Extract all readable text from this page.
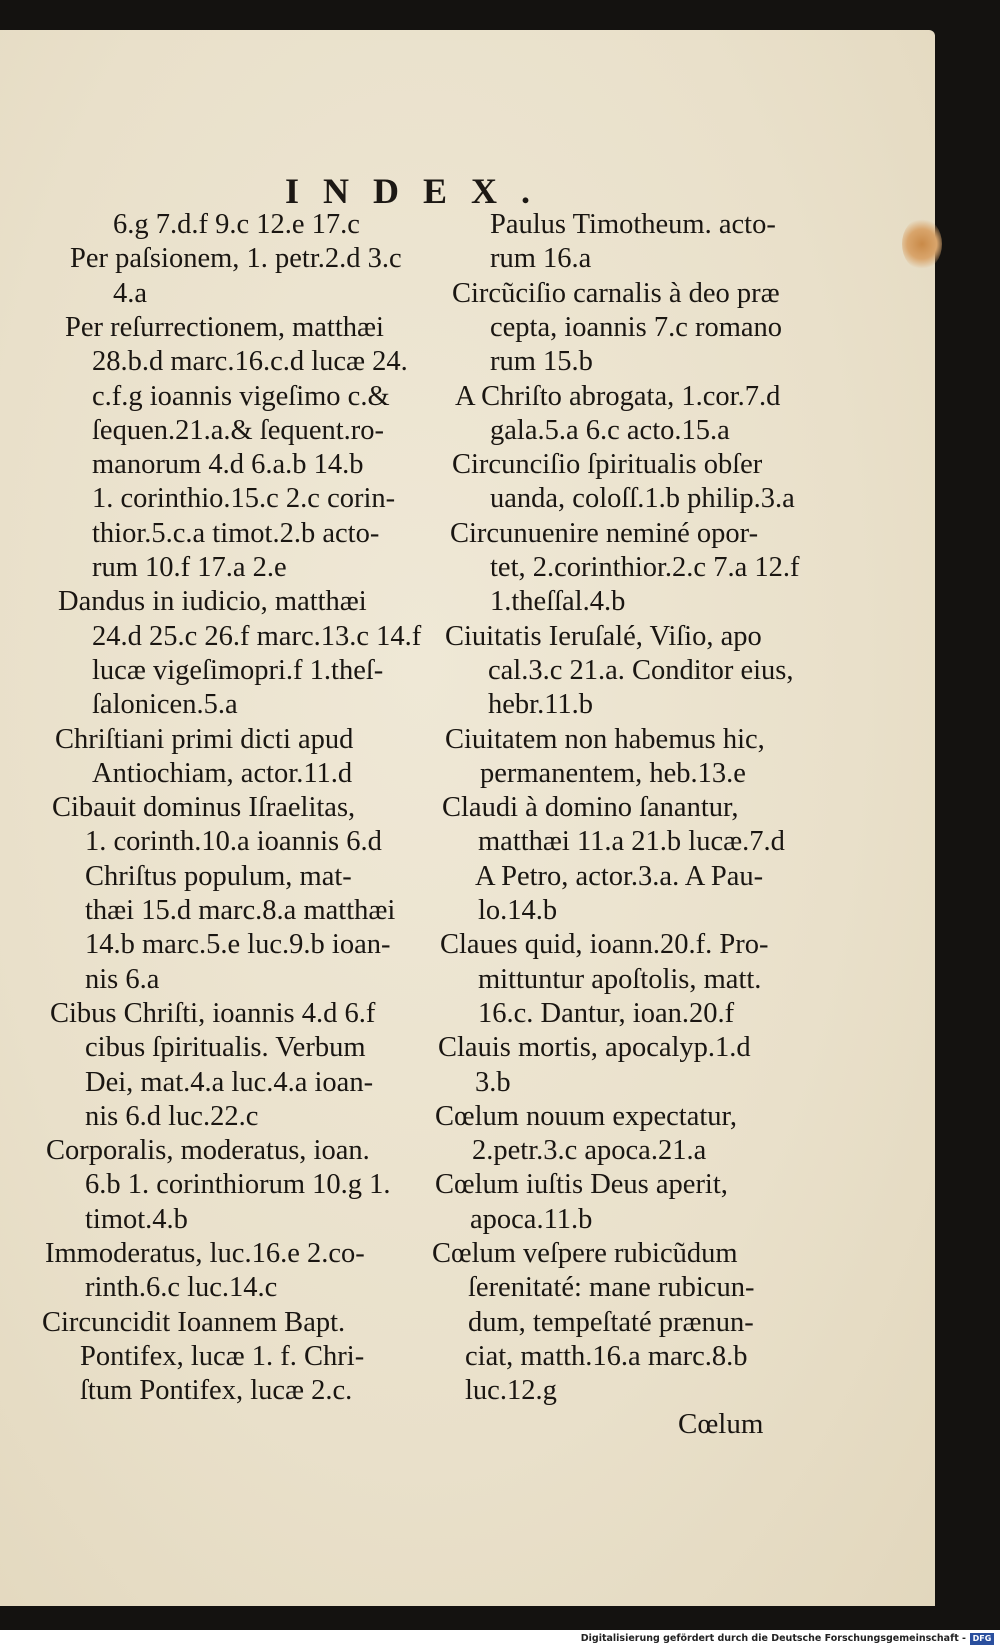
INDEX.
6.g 7.d.f 9.c 12.e 17.c
Per paſsionem, 1. petr.2.d 3.c
4.a
Per reſurrectionem, matthæi
28.b.d marc.16.c.d lucæ 24.
c.f.g ioannis vigeſimo c.&
ſequen.21.a.& ſequent.ro-
manorum 4.d 6.a.b 14.b
1. corinthio.15.c 2.c corin-
thior.5.c.a timot.2.b acto-
rum 10.f 17.a 2.e
Dandus in iudicio, matthæi
24.d 25.c 26.f marc.13.c 14.f
lucæ vigeſimopri.f 1.theſ-
ſalonicen.5.a
Chriſtiani primi dicti apud
Antiochiam, actor.11.d
Cibauit dominus Iſraelitas,
1. corinth.10.a ioannis 6.d
Chriſtus populum, mat-
thæi 15.d marc.8.a matthæi
14.b marc.5.e luc.9.b ioan-
nis 6.a
Cibus Chriſti, ioannis 4.d 6.f
cibus ſpiritualis. Verbum
Dei, mat.4.a luc.4.a ioan-
nis 6.d luc.22.c
Corporalis, moderatus, ioan.
6.b 1. corinthiorum 10.g 1.
timot.4.b
Immoderatus, luc.16.e 2.co-
rinth.6.c luc.14.c
Circuncidit Ioannem Bapt.
Pontifex, lucæ 1. f. Chri-
ſtum Pontifex, lucæ 2.c.
Paulus Timotheum. acto-
rum 16.a
Circũciſio carnalis à deo præ
cepta, ioannis 7.c romano
rum 15.b
A Chriſto abrogata, 1.cor.7.d
gala.5.a 6.c acto.15.a
Circunciſio ſpiritualis obſer
uanda, coloſſ.1.b philip.3.a
Circunuenire neminé opor-
tet, 2.corinthior.2.c 7.a 12.f
1.theſſal.4.b
Ciuitatis Ieruſalé, Viſio, apo
cal.3.c 21.a. Conditor eius,
hebr.11.b
Ciuitatem non habemus hic,
permanentem, heb.13.e
Claudi à domino ſanantur,
matthæi 11.a 21.b lucæ.7.d
A Petro, actor.3.a. A Pau-
lo.14.b
Claues quid, ioann.20.f. Pro-
mittuntur apoſtolis, matt.
16.c. Dantur, ioan.20.f
Clauis mortis, apocalyp.1.d
3.b
Cœlum nouum expectatur,
2.petr.3.c apoca.21.a
Cœlum iuſtis Deus aperit,
apoca.11.b
Cœlum veſpere rubicũdum
ſerenitaté: mane rubicun-
dum, tempeſtaté prænun-
ciat, matth.16.a marc.8.b
luc.12.g
Cœlum
Digitalisierung gefördert durch die Deutsche Forschungsgemeinschaft - DFG
